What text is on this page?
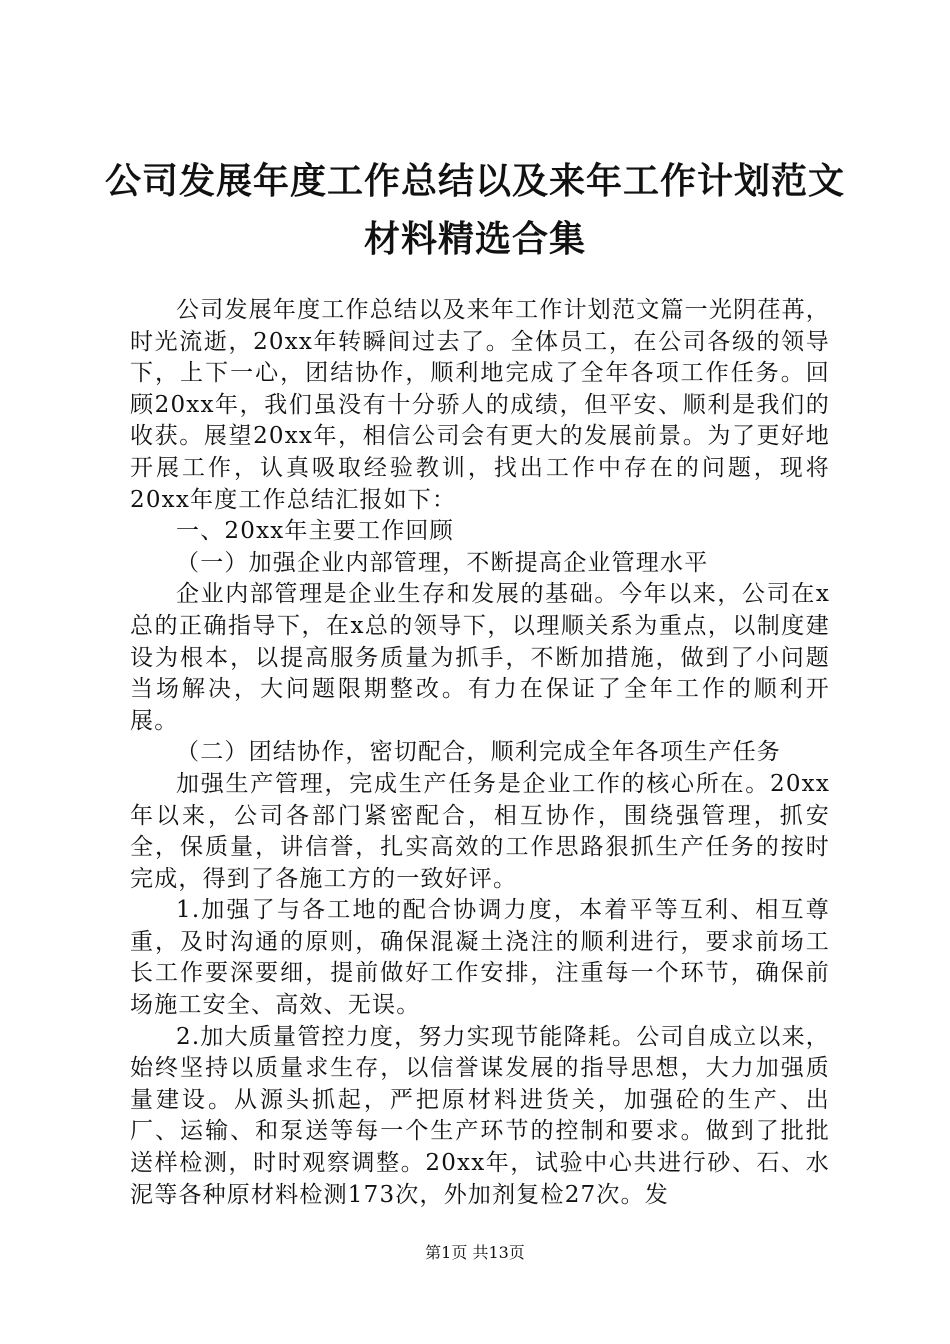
公司发展年度工作总结以及来年工作计划范文
材料精选合集

公司发展年度工作总结以及来年工作计划范文篇一光阴荏苒，时光流逝，20xx年转瞬间过去了。全体员工，在公司各级的领导下，上下一心，团结协作，顺利地完成了全年各项工作任务。回顾20xx年，我们虽没有十分骄人的成绩，但平安、顺利是我们的收获。展望20xx年，相信公司会有更大的发展前景。为了更好地开展工作，认真吸取经验教训，找出工作中存在的问题，现将20xx年度工作总结汇报如下：

一、20xx年主要工作回顾

（一）加强企业内部管理，不断提高企业管理水平

企业内部管理是企业生存和发展的基础。今年以来，公司在x总的正确指导下，在x总的领导下，以理顺关系为重点，以制度建设为根本，以提高服务质量为抓手，不断加措施，做到了小问题当场解决，大问题限期整改。有力在保证了全年工作的顺利开展。

（二）团结协作，密切配合，顺利完成全年各项生产任务

加强生产管理，完成生产任务是企业工作的核心所在。20xx年以来，公司各部门紧密配合，相互协作，围绕强管理，抓安全，保质量，讲信誉，扎实高效的工作思路狠抓生产任务的按时完成，得到了各施工方的一致好评。

1.加强了与各工地的配合协调力度，本着平等互利、相互尊重，及时沟通的原则，确保混凝土浇注的顺利进行，要求前场工长工作要深要细，提前做好工作安排，注重每一个环节，确保前场施工安全、高效、无误。

2.加大质量管控力度，努力实现节能降耗。公司自成立以来，始终坚持以质量求生存，以信誉谋发展的指导思想，大力加强质量建设。从源头抓起，严把原材料进货关，加强砼的生产、出厂、运输、和泵送等每一个生产环节的控制和要求。做到了批批送样检测，时时观察调整。20xx年，试验中心共进行砂、石、水泥等各种原材料检测173次，外加剂复检27次。发

第1页 共13页
